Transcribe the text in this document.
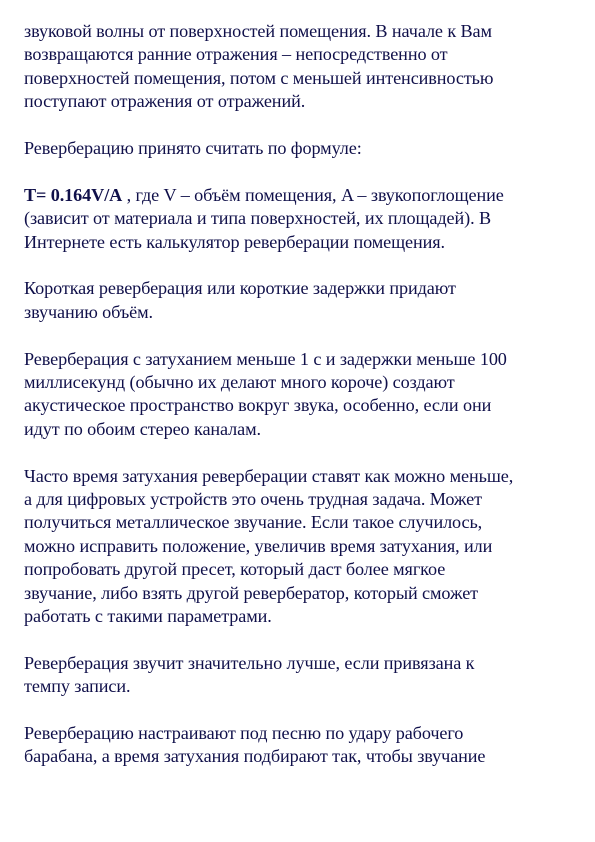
звуковой волны от поверхностей помещения. В начале к Вам
возвращаются ранние отражения – непосредственно от
поверхностей помещения, потом с меньшей интенсивностью
поступают отражения от отражений.

Реверберацию принято считать по формуле:

T= 0.164V/A , где V – объём помещения, A – звукопоглощение
(зависит от материала и типа поверхностей, их площадей). В
Интернете есть калькулятор реверберации помещения.

Короткая реверберация или короткие задержки придают
звучанию объём.

Реверберация с затуханием меньше 1 с и задержки меньше 100
миллисекунд (обычно их делают много короче) создают
акустическое пространство вокруг звука, особенно, если они
идут по обоим стерео каналам.

Часто время затухания реверберации ставят как можно меньше,
а для цифровых устройств это очень трудная задача. Может
получиться металлическое звучание. Если такое случилось,
можно исправить положение, увеличив время затухания, или
попробовать другой пресет, который даст более мягкое
звучание, либо взять другой ревербератор, который сможет
работать с такими параметрами.

Реверберация звучит значительно лучше, если привязана к
темпу записи.

Реверберацию настраивают под песню по удару рабочего
барабана, а время затухания подбирают так, чтобы звучание
